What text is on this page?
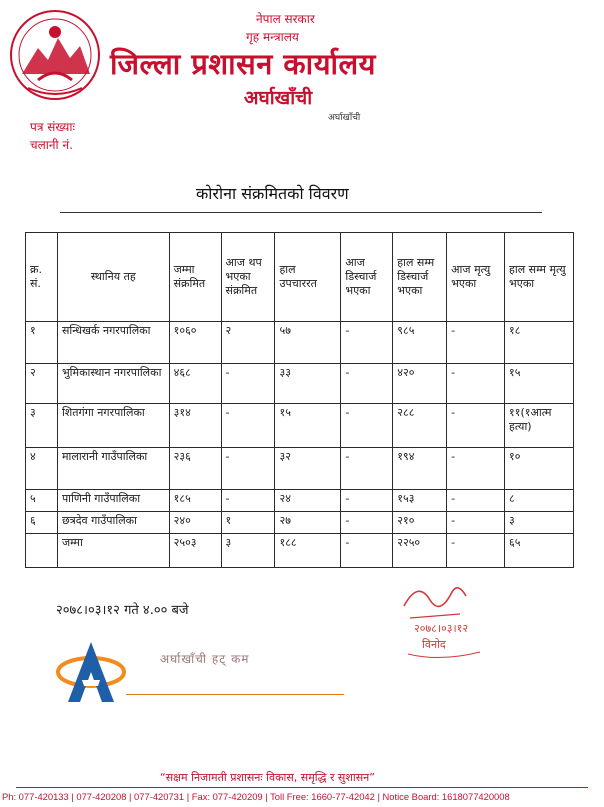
नेपाल सरकार
गृह मन्त्रालय
जिल्ला प्रशासन कार्यालय
अर्घाखाँची
अर्घाखाँची
पत्र संख्याः
चलानी नं.
कोरोना संक्रमितको विवरण
क्र. सं.	स्थानिय तह	जम्मा संक्रमित	आज थप भएका संक्रमित	हाल उपचाररत	आज डिस्चार्ज भएका	हाल सम्म डिस्चार्ज भएका	आज मृत्यु भएका	हाल सम्म मृत्यु भएका
१	सन्धिखर्क नगरपालिका	१०६०	२	५७	-	९८५	-	१८
२	भुमिकास्थान नगरपालिका	४६८	-	३३	-	४२०	-	१५
३	शितगंगा नगरपालिका	३१४	-	१५	-	२८८	-	११(१आत्म हत्या)
४	मालारानी गाउँपालिका	२३६	-	३२	-	१९४	-	१०
५	पाणिनी गाउँपालिका	१८५	-	२४	-	१५३	-	८
६	छत्रदेव गाउँपालिका	२४०	१	२७	-	२१०	-	३
	जम्मा	२५०३	३	१८८	-	२२५०	-	६५
२०७८।०३।१२ गते ४.०० बजे
२०७८।०३।१२
विनोद
अर्घाखाँची हट् कम
“सक्षम निजामती प्रशासनः विकास, समृद्धि र सुशासन”
Ph: 077-420133 | 077-420208 | 077-420731 | Fax: 077-420209 | Toll Free: 1660-77-42042 | Notice Board: 1618077420008
